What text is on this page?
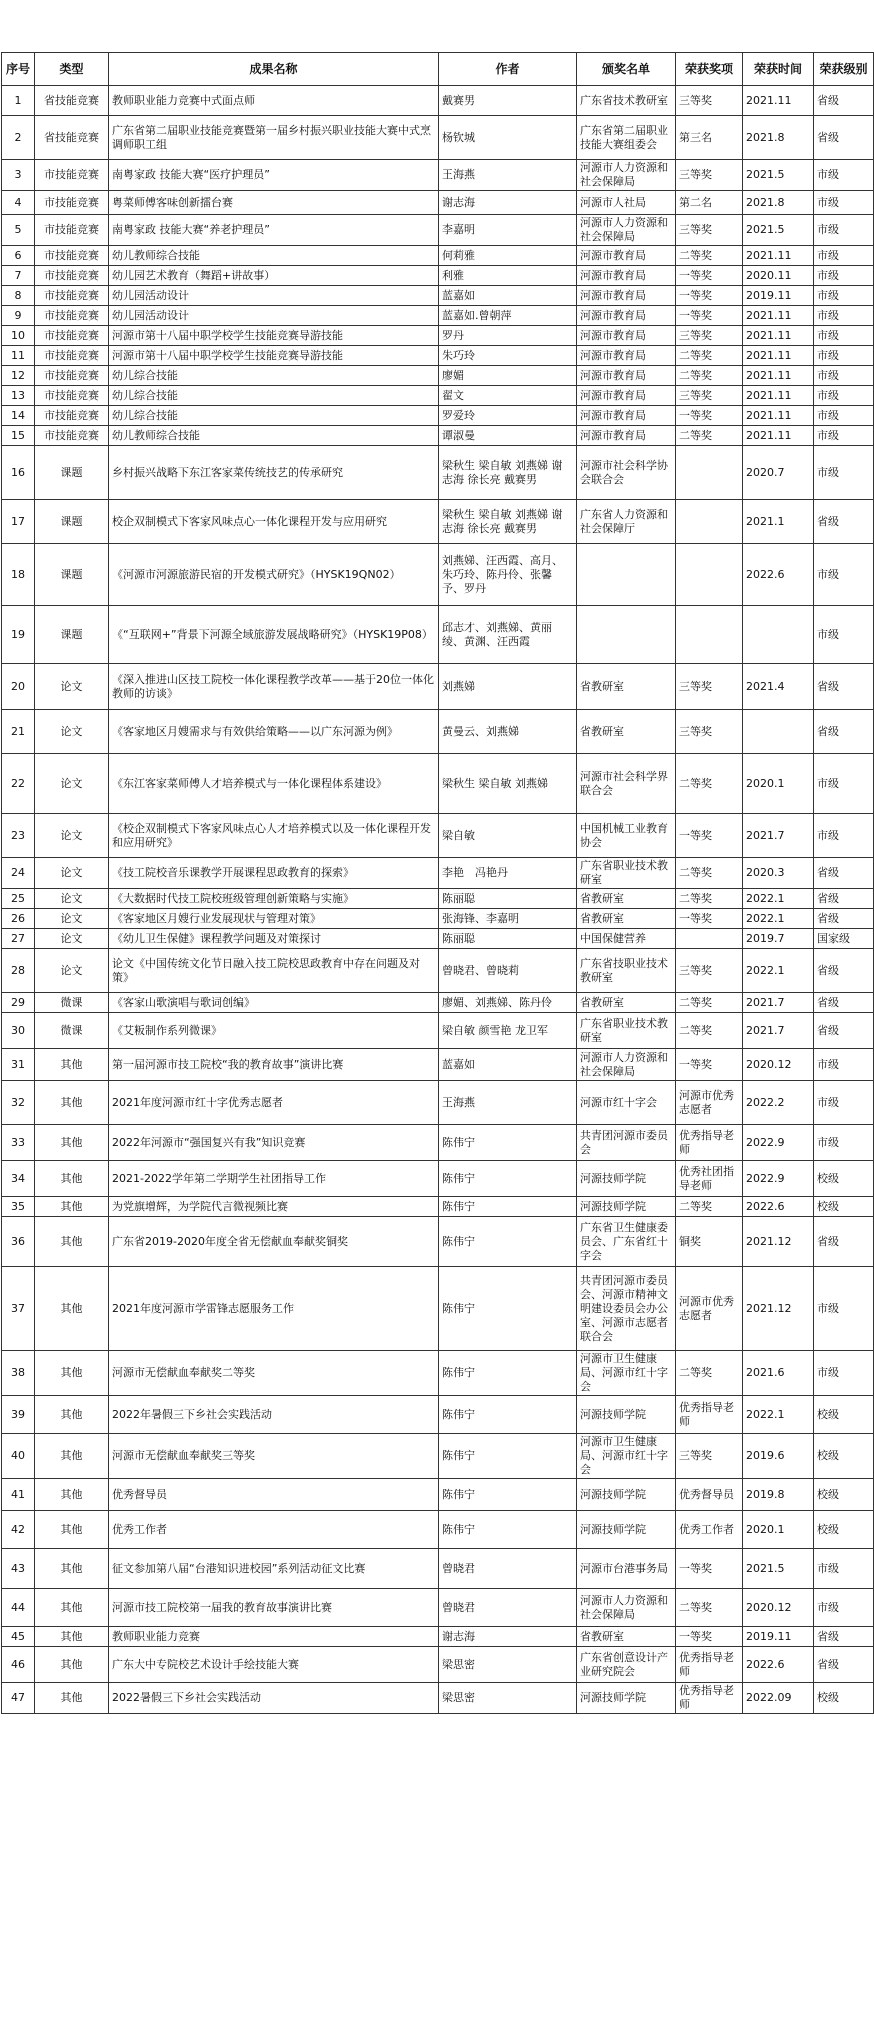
序号	类型	成果名称	作者	颁奖名单	荣获奖项	荣获时间	荣获级别
1	省技能竞赛	教师职业能力竞赛中式面点师	戴赛男	广东省技术教研室	三等奖	2021.11	省级
2	省技能竞赛	广东省第二届职业技能竞赛暨第一届乡村振兴职业技能大赛中式烹调师职工组	杨钦城	广东省第二届职业技能大赛组委会	第三名	2021.8	省级
3	市技能竞赛	南粤家政 技能大赛“医疗护理员”	王海燕	河源市人力资源和社会保障局	三等奖	2021.5	市级
4	市技能竞赛	粤菜师傅客味创新擂台赛	谢志海	河源市人社局	第二名	2021.8	市级
5	市技能竞赛	南粤家政 技能大赛“养老护理员”	李嘉明	河源市人力资源和社会保障局	三等奖	2021.5	市级
6	市技能竞赛	幼儿教师综合技能	何莉雅	河源市教育局	二等奖	2021.11	市级
7	市技能竞赛	幼儿园艺术教育（舞蹈+讲故事）	利雅	河源市教育局	一等奖	2020.11	市级
8	市技能竞赛	幼儿园活动设计	蓝嘉如	河源市教育局	一等奖	2019.11	市级
9	市技能竞赛	幼儿园活动设计	蓝嘉如.曾朝萍	河源市教育局	一等奖	2021.11	市级
10	市技能竞赛	河源市第十八届中职学校学生技能竞赛导游技能	罗丹	河源市教育局	三等奖	2021.11	市级
11	市技能竞赛	河源市第十八届中职学校学生技能竞赛导游技能	朱巧玲	河源市教育局	二等奖	2021.11	市级
12	市技能竞赛	幼儿综合技能	廖媚	河源市教育局	二等奖	2021.11	市级
13	市技能竞赛	幼儿综合技能	翟文	河源市教育局	三等奖	2021.11	市级
14	市技能竞赛	幼儿综合技能	罗爱玲	河源市教育局	一等奖	2021.11	市级
15	市技能竞赛	幼儿教师综合技能	谭淑曼	河源市教育局	二等奖	2021.11	市级
16	课题	乡村振兴战略下东江客家菜传统技艺的传承研究	梁秋生 梁自敏 刘燕娣 谢志海 徐长亮 戴赛男	河源市社会科学协会联合会		2020.7	市级
17	课题	校企双制模式下客家风味点心一体化课程开发与应用研究	梁秋生 梁自敏 刘燕娣 谢志海 徐长亮 戴赛男	广东省人力资源和社会保障厅		2021.1	省级
18	课题	《河源市河源旅游民宿的开发模式研究》（HYSK19QN02）	刘燕娣、汪西霞、高月、朱巧玲、陈丹伶、张馨予、罗丹			2022.6	市级
19	课题	《“互联网+”背景下河源全域旅游发展战略研究》（HYSK19P08）	邱志才、刘燕娣、黄丽绫、黄渊、汪西霞				市级
20	论文	《深入推进山区技工院校一体化课程教学改革——基于20位一体化教师的访谈》	刘燕娣	省教研室	三等奖	2021.4	省级
21	论文	《客家地区月嫂需求与有效供给策略——以广东河源为例》	黄曼云、刘燕娣	省教研室	三等奖		省级
22	论文	《东江客家菜师傅人才培养模式与一体化课程体系建设》	梁秋生 梁自敏 刘燕娣	河源市社会科学界联合会	二等奖	2020.1	市级
23	论文	《校企双制模式下客家风味点心人才培养模式以及一体化课程开发和应用研究》	梁自敏	中国机械工业教育协会	一等奖	2021.7	市级
24	论文	《技工院校音乐课教学开展课程思政教育的探索》	李艳　冯艳丹	广东省职业技术教研室	二等奖	2020.3	省级
25	论文	《大数据时代技工院校班级管理创新策略与实施》	陈丽聪	省教研室	二等奖	2022.1	省级
26	论文	《客家地区月嫂行业发展现状与管理对策》	张海锋、李嘉明	省教研室	一等奖	2022.1	省级
27	论文	《幼儿卫生保健》课程教学问题及对策探讨	陈丽聪	中国保健营养		2019.7	国家级
28	论文	论文《中国传统文化节日融入技工院校思政教育中存在问题及对策》	曾晓君、曾晓莉	广东省技职业技术教研室	三等奖	2022.1	省级
29	微课	《客家山歌演唱与歌词创编》	廖媚、刘燕娣、陈丹伶	省教研室	二等奖	2021.7	省级
30	微课	《艾粄制作系列微课》	梁自敏 颜雪艳 龙卫军	广东省职业技术教研室	二等奖	2021.7	省级
31	其他	第一届河源市技工院校“我的教育故事”演讲比赛	蓝嘉如	河源市人力资源和社会保障局	一等奖	2020.12	市级
32	其他	2021年度河源市红十字优秀志愿者	王海燕	河源市红十字会	河源市优秀志愿者	2022.2	市级
33	其他	2022年河源市“强国复兴有我”知识竞赛	陈伟宁	共青团河源市委员会	优秀指导老师	2022.9	市级
34	其他	2021-2022学年第二学期学生社团指导工作	陈伟宁	河源技师学院	优秀社团指导老师	2022.9	校级
35	其他	为党旗增辉，为学院代言微视频比赛	陈伟宁	河源技师学院	二等奖	2022.6	校级
36	其他	广东省2019-2020年度全省无偿献血奉献奖铜奖	陈伟宁	广东省卫生健康委员会、广东省红十字会	铜奖	2021.12	省级
37	其他	2021年度河源市学雷锋志愿服务工作	陈伟宁	共青团河源市委员会、河源市精神文明建设委员会办公室、河源市志愿者联合会	河源市优秀志愿者	2021.12	市级
38	其他	河源市无偿献血奉献奖二等奖	陈伟宁	河源市卫生健康局、河源市红十字会	二等奖	2021.6	市级
39	其他	2022年暑假三下乡社会实践活动	陈伟宁	河源技师学院	优秀指导老师	2022.1	校级
40	其他	河源市无偿献血奉献奖三等奖	陈伟宁	河源市卫生健康局、河源市红十字会	三等奖	2019.6	校级
41	其他	优秀督导员	陈伟宁	河源技师学院	优秀督导员	2019.8	校级
42	其他	优秀工作者	陈伟宁	河源技师学院	优秀工作者	2020.1	校级
43	其他	征文参加第八届“台港知识进校园”系列活动征文比赛	曾晓君	河源市台港事务局	一等奖	2021.5	市级
44	其他	河源市技工院校第一届我的教育故事演讲比赛	曾晓君	河源市人力资源和社会保障局	二等奖	2020.12	市级
45	其他	教师职业能力竞赛	谢志海	省教研室	一等奖	2019.11	省级
46	其他	广东大中专院校艺术设计手绘技能大赛	梁思密	广东省创意设计产业研究院会	优秀指导老师	2022.6	省级
47	其他	2022暑假三下乡社会实践活动	梁思密	河源技师学院	优秀指导老师	2022.09	校级
